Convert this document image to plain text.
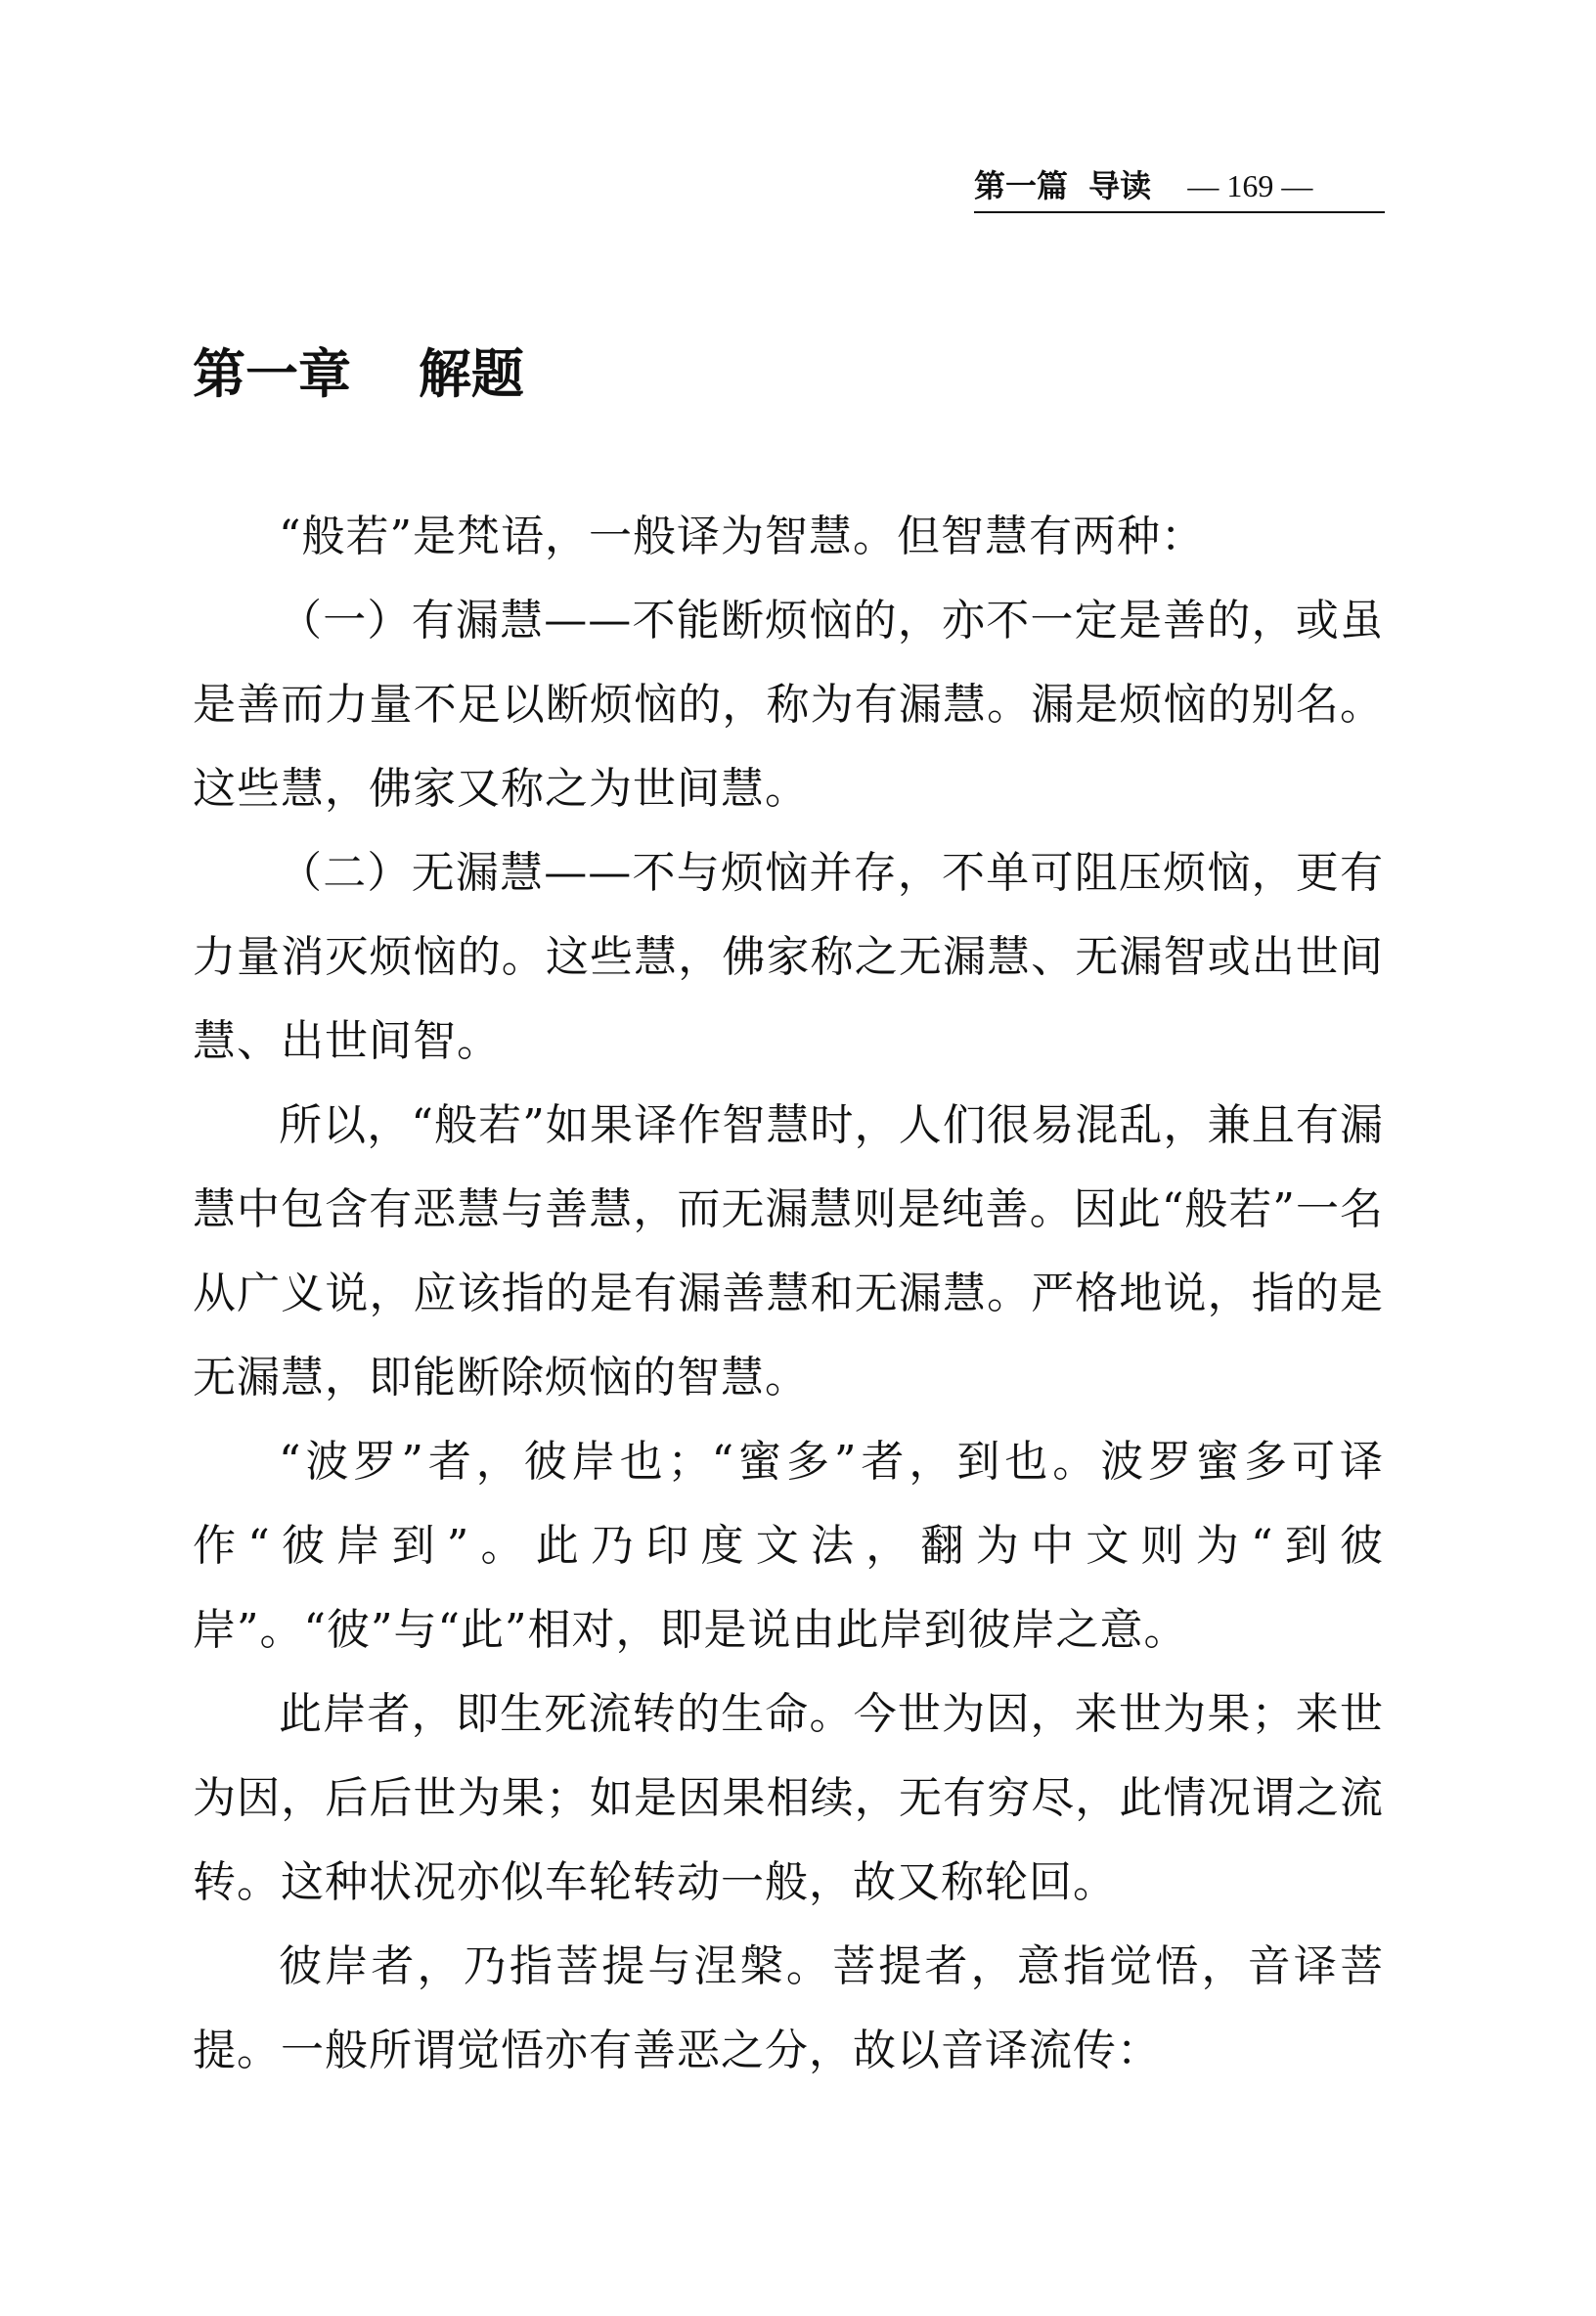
第一篇 导读 — 169 —
第一章 解题

“般若”是梵语，一般译为智慧。但智慧有两种：

（一）有漏慧——不能断烦恼的，亦不一定是善的，或虽是善而力量不足以断烦恼的，称为有漏慧。漏是烦恼的别名。这些慧，佛家又称之为世间慧。

（二）无漏慧——不与烦恼并存，不单可阻压烦恼，更有力量消灭烦恼的。这些慧，佛家称之无漏慧、无漏智或出世间慧、出世间智。

所以，“般若”如果译作智慧时，人们很易混乱，兼且有漏慧中包含有恶慧与善慧，而无漏慧则是纯善。因此“般若”一名从广义说，应该指的是有漏善慧和无漏慧。严格地说，指的是无漏慧，即能断除烦恼的智慧。

“波罗”者，彼岸也；“蜜多”者，到也。波罗蜜多可译作“彼岸到”。此乃印度文法，翻为中文则为“到彼岸”。“彼”与“此”相对，即是说由此岸到彼岸之意。

此岸者，即生死流转的生命。今世为因，来世为果；来世为因，后后世为果；如是因果相续，无有穷尽，此情况谓之流转。这种状况亦似车轮转动一般，故又称轮回。

彼岸者，乃指菩提与涅槃。菩提者，意指觉悟，音译菩提。一般所谓觉悟亦有善恶之分，故以音译流传：
